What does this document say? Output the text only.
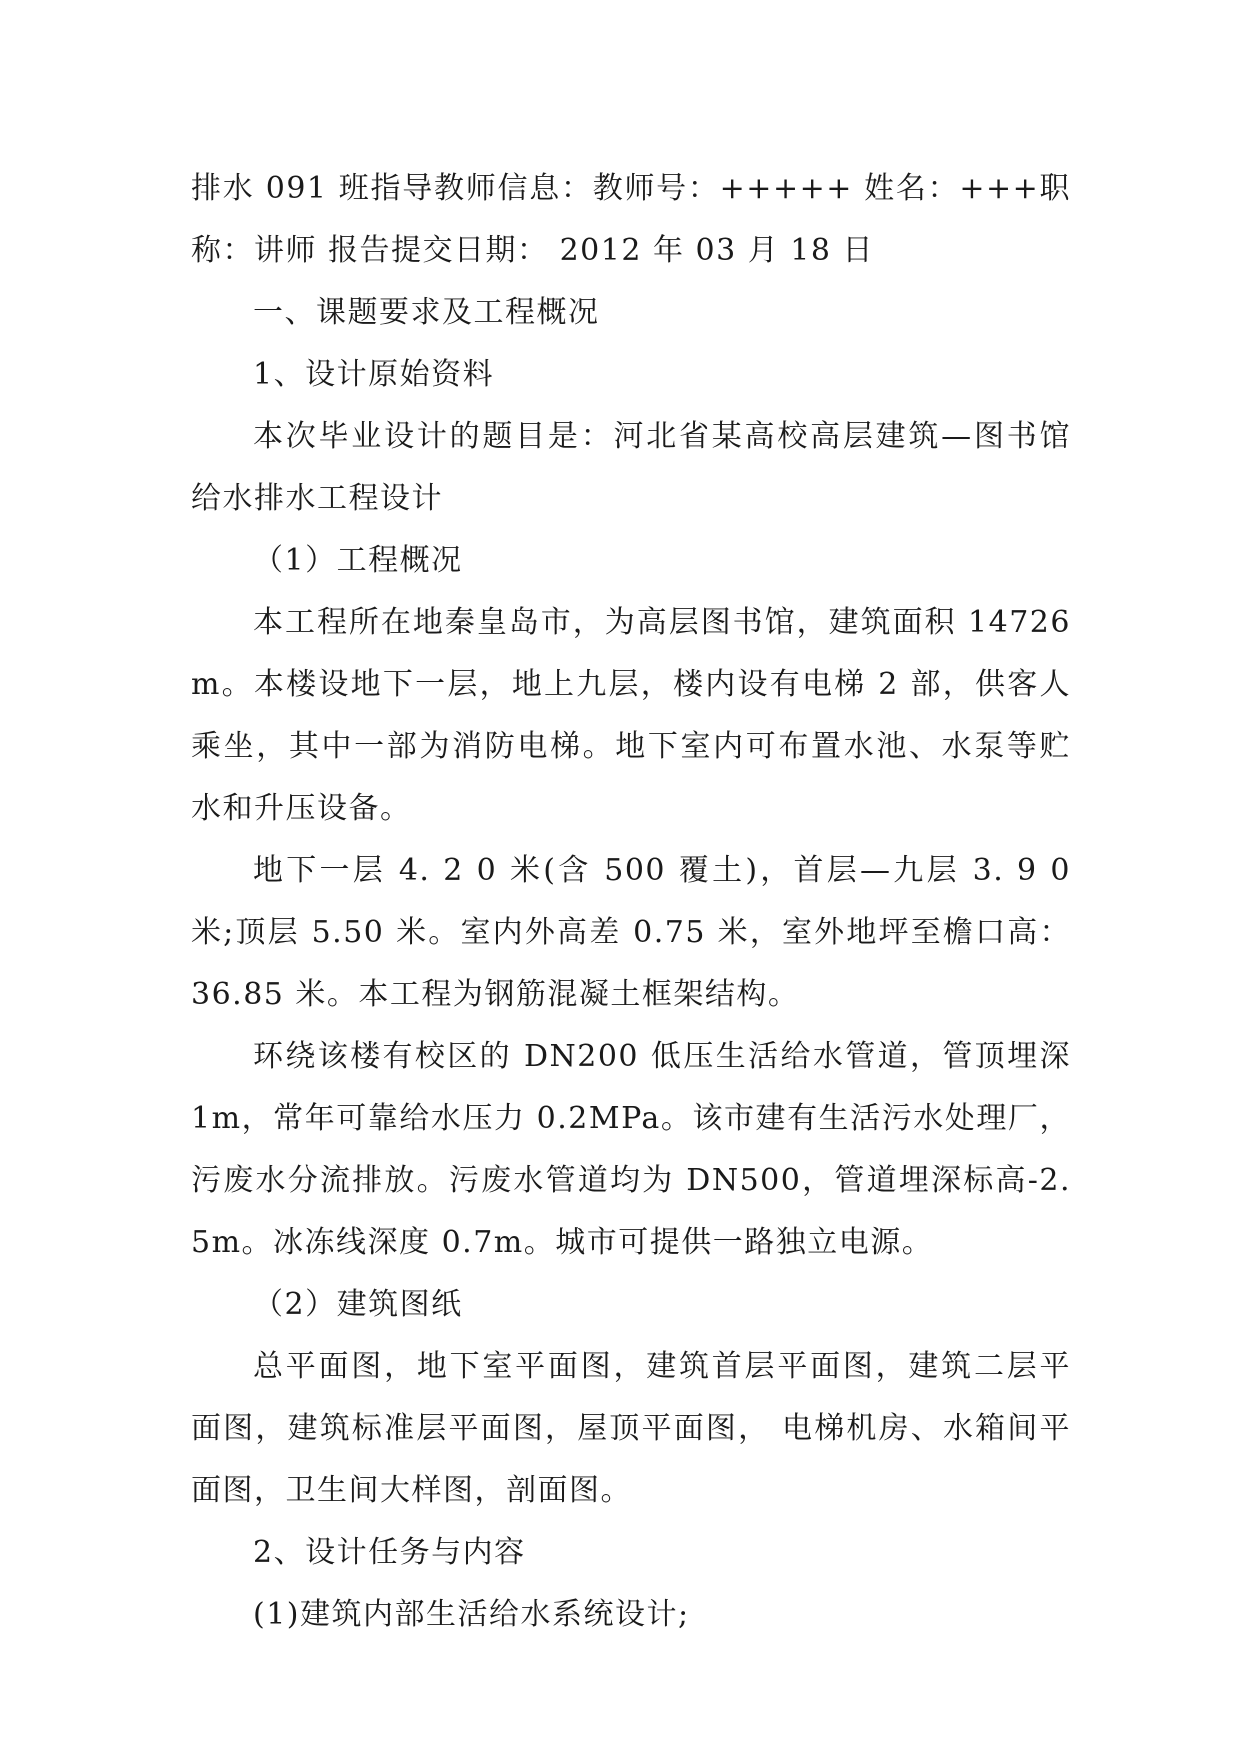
排水 091 班指导教师信息：教师号：+++++ 姓名：+++职称：讲师 报告提交日期： 2012 年 03 月 18 日

一、课题要求及工程概况

1、设计原始资料

本次毕业设计的题目是：河北省某高校高层建筑—图书馆给水排水工程设计

（1）工程概况

本工程所在地秦皇岛市，为高层图书馆，建筑面积 14726m。本楼设地下一层，地上九层，楼内设有电梯 2 部，供客人乘坐，其中一部为消防电梯。地下室内可布置水池、水泵等贮水和升压设备。

地下一层 4. 2 0 米(含 500 覆土)，首层—九层 3. 9 0 米;顶层 5.50 米。室内外高差 0.75 米，室外地坪至檐口高：36.85 米。本工程为钢筋混凝土框架结构。

环绕该楼有校区的 DN200 低压生活给水管道，管顶埋深 1m，常年可靠给水压力 0.2MPa。该市建有生活污水处理厂，污废水分流排放。污废水管道均为 DN500，管道埋深标高-2.5m。冰冻线深度 0.7m。城市可提供一路独立电源。

（2）建筑图纸

总平面图，地下室平面图，建筑首层平面图，建筑二层平面图，建筑标准层平面图，屋顶平面图， 电梯机房、水箱间平面图，卫生间大样图，剖面图。

2、设计任务与内容

(1)建筑内部生活给水系统设计;
